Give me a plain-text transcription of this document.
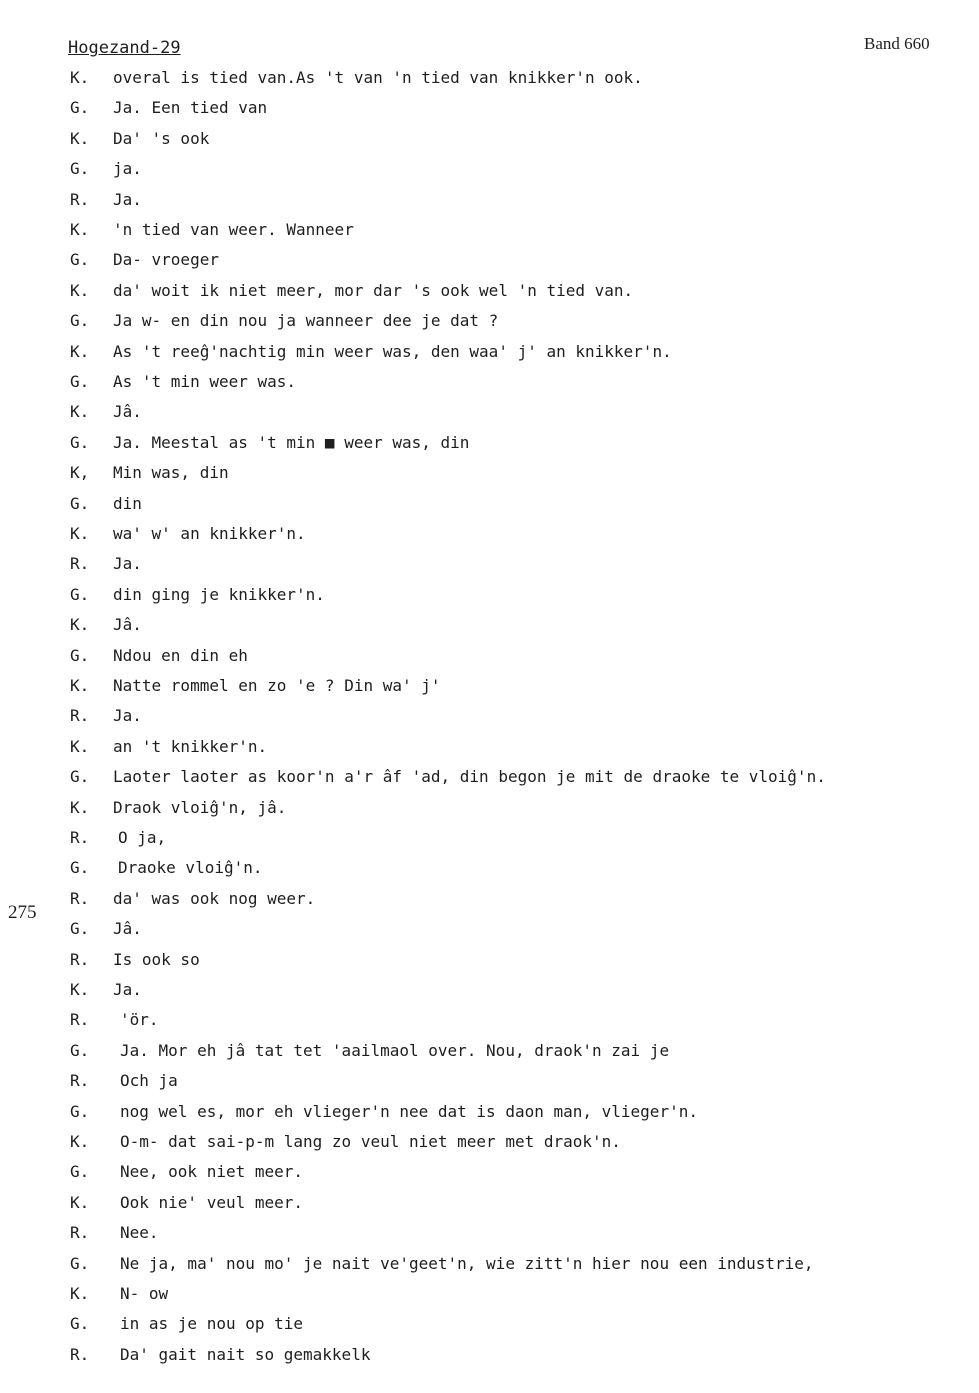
Hogezand-29	Band 660
275
K. overal is tied van.As 't van 'n tied van knikker'n ook.
G. Ja. Een tied van
K. Da' 's ook
G. ja.
R. Ja.
K. 'n tied van weer. Wanneer
G. Da- vroeger
K. da' woit ik niet meer, mor dar 's ook wel 'n tied van.
G. Ja w- en din nou ja wanneer dee je dat ?
K. As 't reeĝ'nachtig min weer was, den waa' j' an knikker'n.
G. As 't min weer was.
K. Jâ.
G. Ja. Meestal as 't min ■ weer was, din
K, Min was, din
G. din
K. wa' w' an knikker'n.
R. Ja.
G. din ging je knikker'n.
K. Jâ.
G. Ndou en din eh
K. Natte rommel en zo 'e ? Din wa' j'
R. Ja.
K. an 't knikker'n.
G. Laoter laoter as koor'n a'r âf 'ad, din begon je mit de draoke te vloiĝ'n.
K. Draok vloiĝ'n, jâ.
R. O ja,
G. Draoke vloiĝ'n.
R. da' was ook nog weer.
G. Jâ.
R. Is ook so
K. Ja.
R. 'ör.
G. Ja. Mor eh jâ tat tet 'aailmaol over. Nou, draok'n zai je
R. Och ja
G. nog wel es, mor eh vlieger'n nee dat is daon man, vlieger'n.
K. O-m- dat sai-p-m lang zo veul niet meer met draok'n.
G. Nee, ook niet meer.
K. Ook nie' veul meer.
R. Nee.
G. Ne ja, ma' nou mo' je nait ve'geet'n, wie zitt'n hier nou een industrie,
K. N- ow
G. in as je nou op tie
R. Da' gait nait so gemakkelk
